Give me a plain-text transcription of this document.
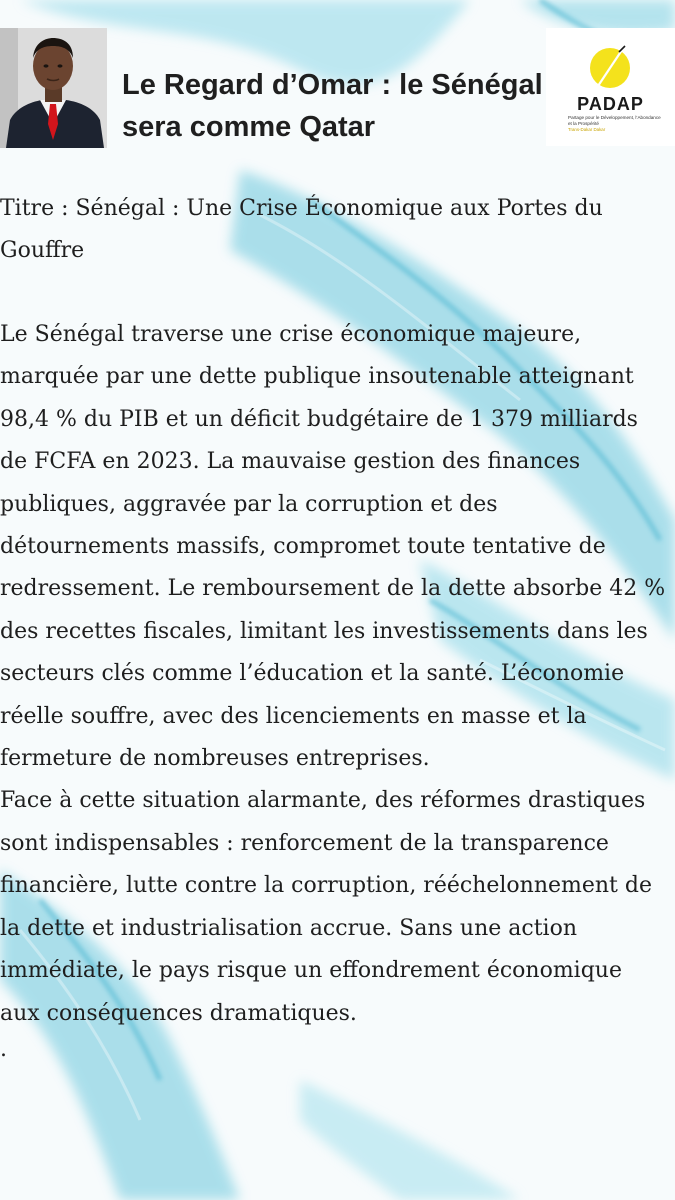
Le Regard d’Omar : le Sénégal sera comme Qatar
PADAP
Partage pour le Développement, l’Abondance et la Prospérité
Trans-Dakar Dakar

Titre : Sénégal : Une Crise Économique aux Portes du Gouffre

Le Sénégal traverse une crise économique majeure, marquée par une dette publique insoutenable atteignant 98,4 % du PIB et un déficit budgétaire de 1 379 milliards de FCFA en 2023. La mauvaise gestion des finances publiques, aggravée par la corruption et des détournements massifs, compromet toute tentative de redressement. Le remboursement de la dette absorbe 42 % des recettes fiscales, limitant les investissements dans les secteurs clés comme l’éducation et la santé. L’économie réelle souffre, avec des licenciements en masse et la fermeture de nombreuses entreprises.

Face à cette situation alarmante, des réformes drastiques sont indispensables : renforcement de la transparence financière, lutte contre la corruption, rééchelonnement de la dette et industrialisation accrue. Sans une action immédiate, le pays risque un effondrement économique aux conséquences dramatiques.

.
